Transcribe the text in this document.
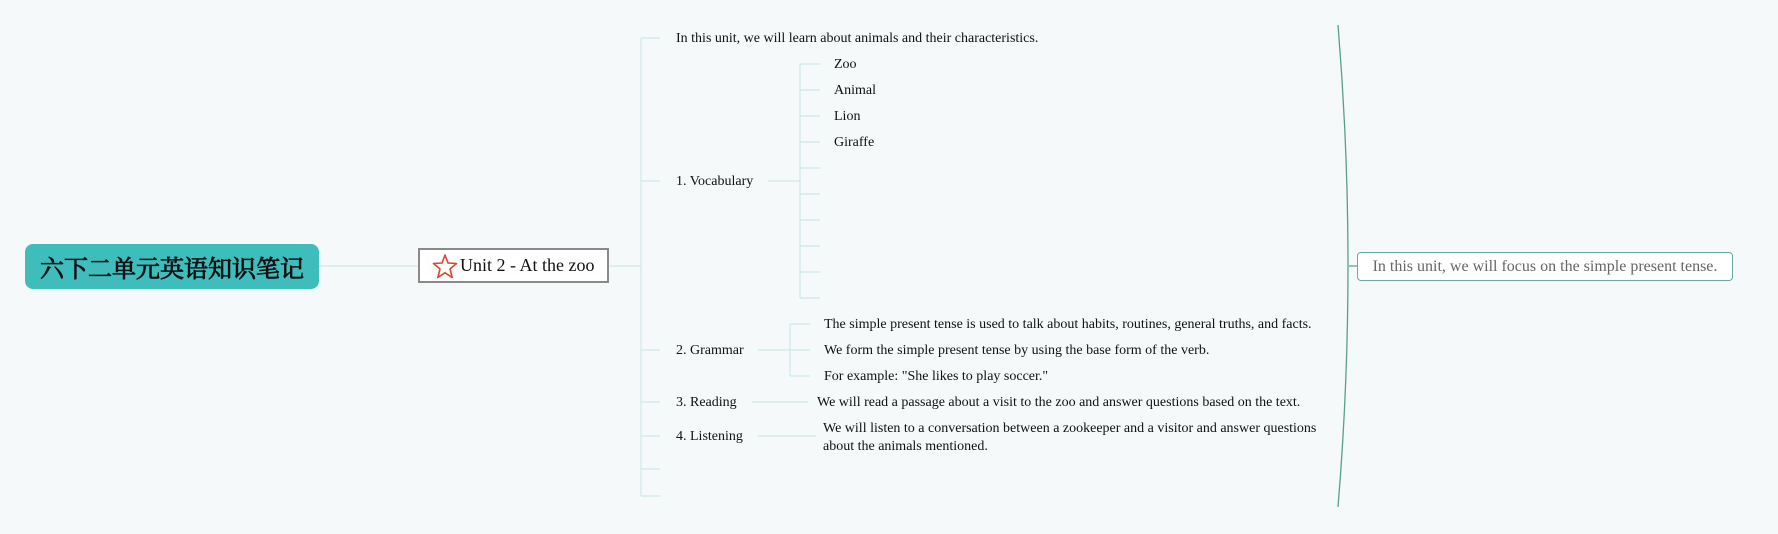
六下二单元英语知识笔记	Unit 2 - At the zoo
In this unit, we will learn about animals and their characteristics.
1. Vocabulary
Zoo
Animal
Lion
Giraffe
2. Grammar
The simple present tense is used to talk about habits, routines, general truths, and facts.
We form the simple present tense by using the base form of the verb.
For example: "She likes to play soccer."
3. Reading	We will read a passage about a visit to the zoo and answer questions based on the text.
4. Listening
We will listen to a conversation between a zookeeper and a visitor and answer questions about the animals mentioned.
In this unit, we will focus on the simple present tense.
